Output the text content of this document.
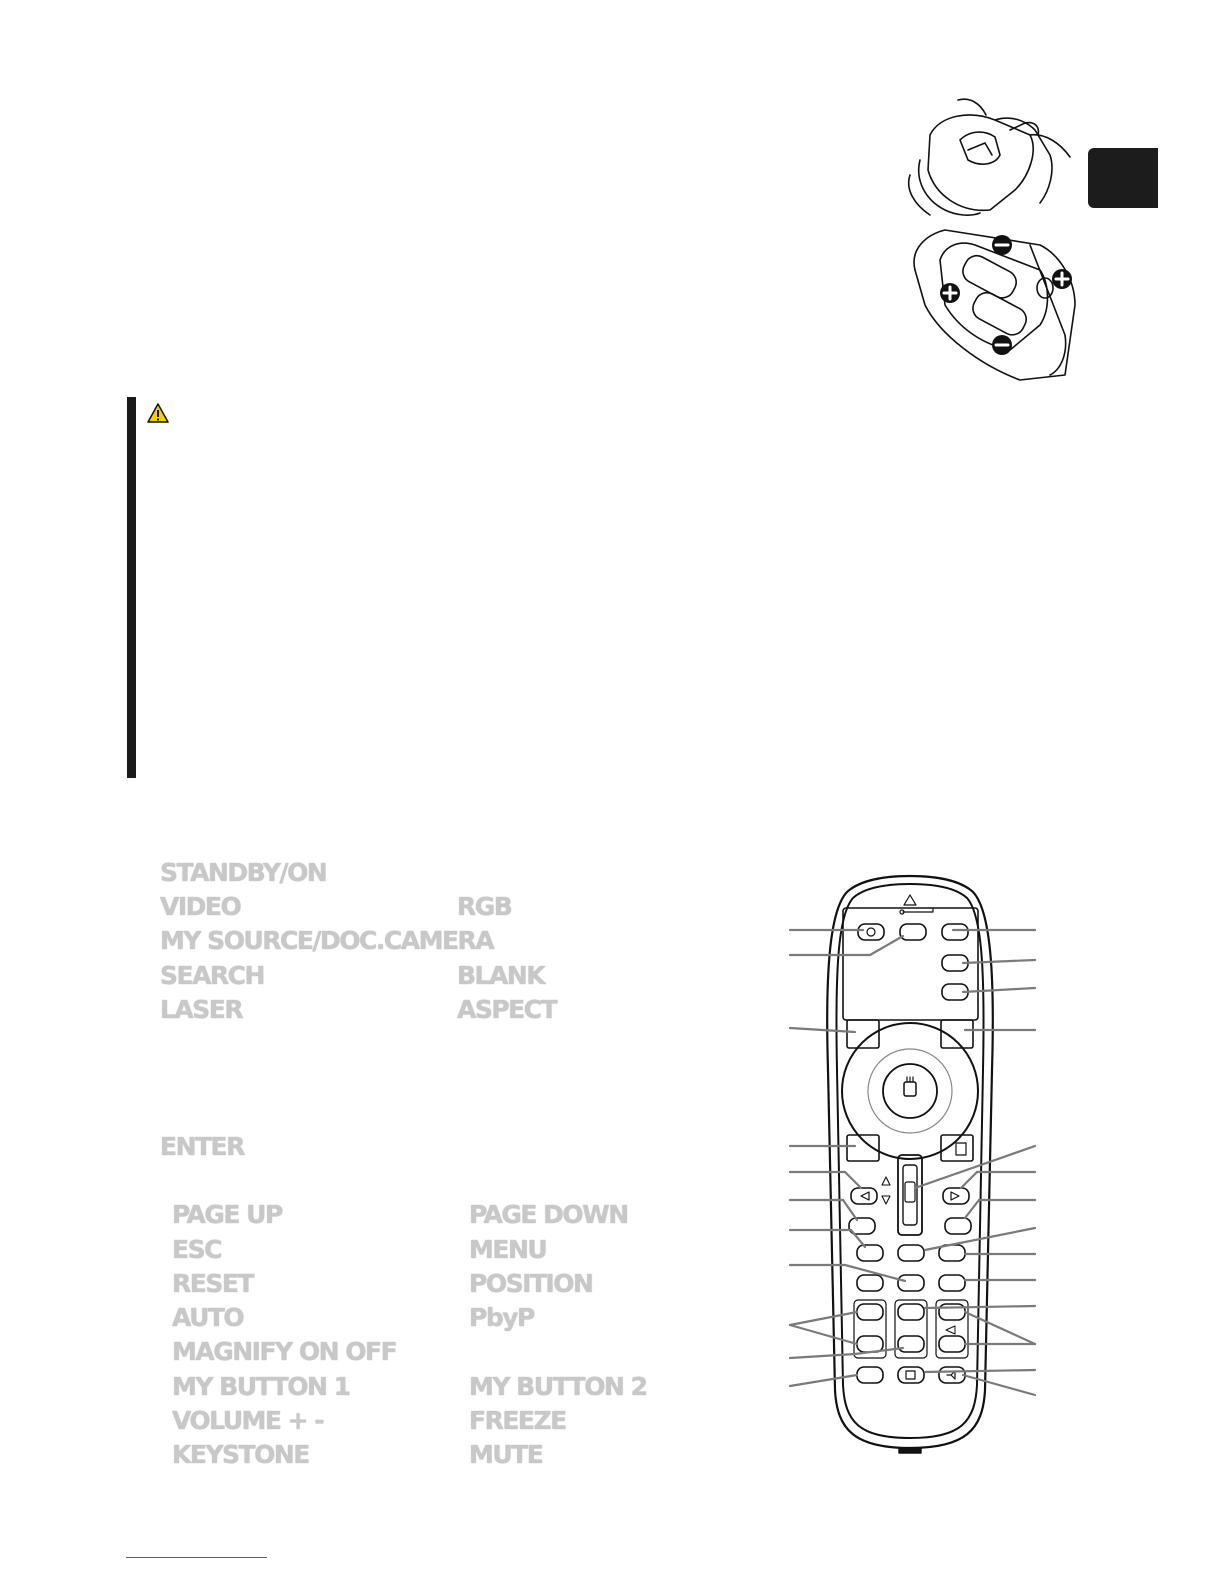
STANDBY/ON
VIDEO	RGB
MY SOURCE/DOC.CAMERA
SEARCH	BLANK
LASER	ASPECT
ENTER
PAGE UP	PAGE DOWN
ESC	MENU
RESET	POSITION
AUTO	PbyP
MAGNIFY ON OFF
MY BUTTON 1	MY BUTTON 2
VOLUME + -	FREEZE
KEYSTONE	MUTE
